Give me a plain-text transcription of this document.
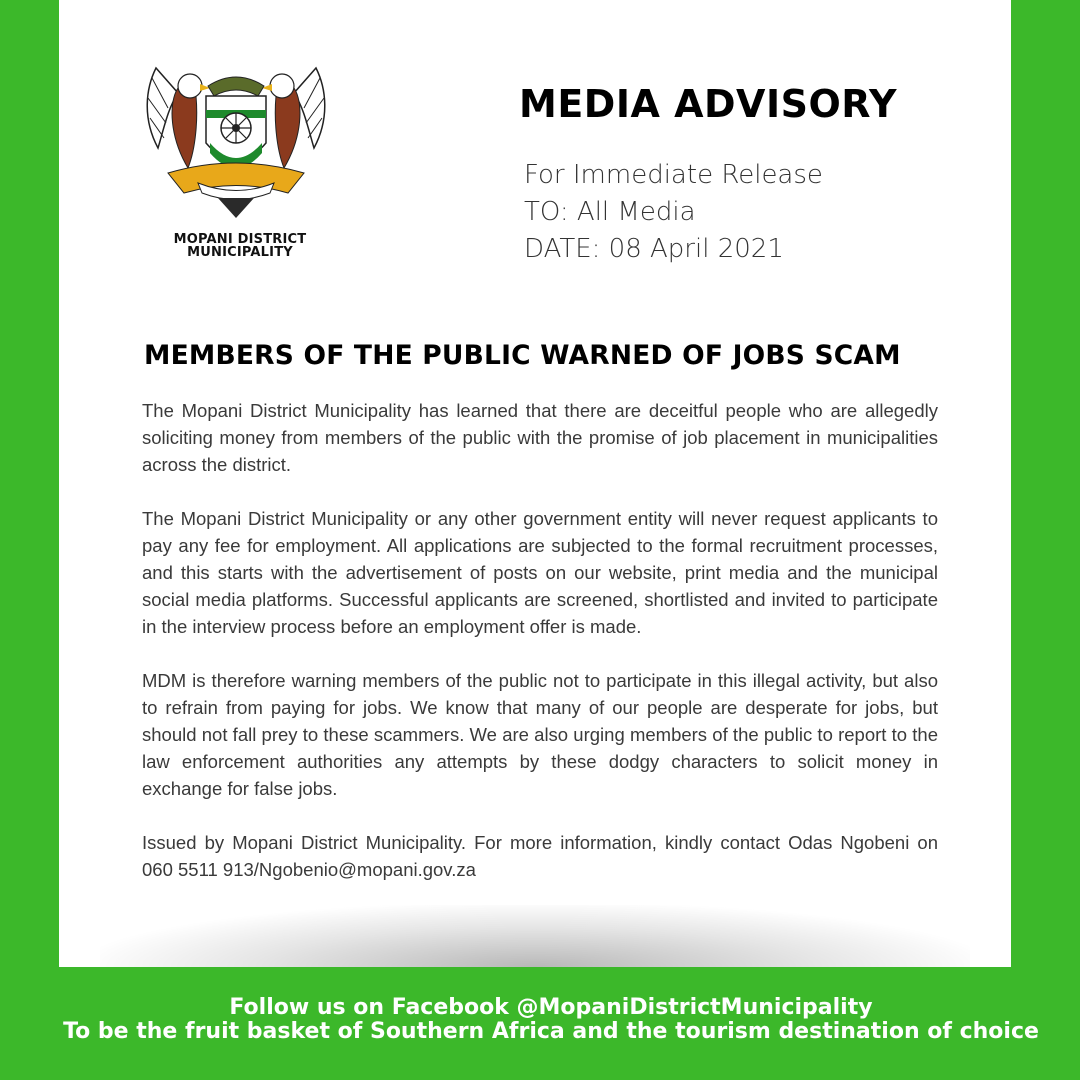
MOPANI DISTRICT
MUNICIPALITY
MEDIA ADVISORY
For Immediate Release
TO: All Media
DATE: 08 April 2021
MEMBERS OF THE PUBLIC WARNED OF JOBS SCAM

The Mopani District Municipality has learned that there are deceitful people who are allegedly soliciting money from members of the public with the promise of job placement in municipalities across the district.

The Mopani District Municipality or any other government entity will never request applicants to pay any fee for employment. All applications are subjected to the formal recruitment processes, and this starts with the advertisement of posts on our website, print media and the municipal social media platforms. Successful applicants are screened, shortlisted and invited to participate in the interview process before an employment offer is made.

MDM is therefore warning members of the public not to participate in this illegal activity, but also to refrain from paying for jobs. We know that many of our people are desperate for jobs, but should not fall prey to these scammers. We are also urging members of the public to report to the law enforcement authorities any attempts by these dodgy characters to solicit money in exchange for false jobs.

Issued by Mopani District Municipality. For more information, kindly contact Odas Ngobeni on 060 5511 913/Ngobenio@mopani.gov.za

Follow us on Facebook @MopaniDistrictMunicipality
To be the fruit basket of Southern Africa and the tourism destination of choice
